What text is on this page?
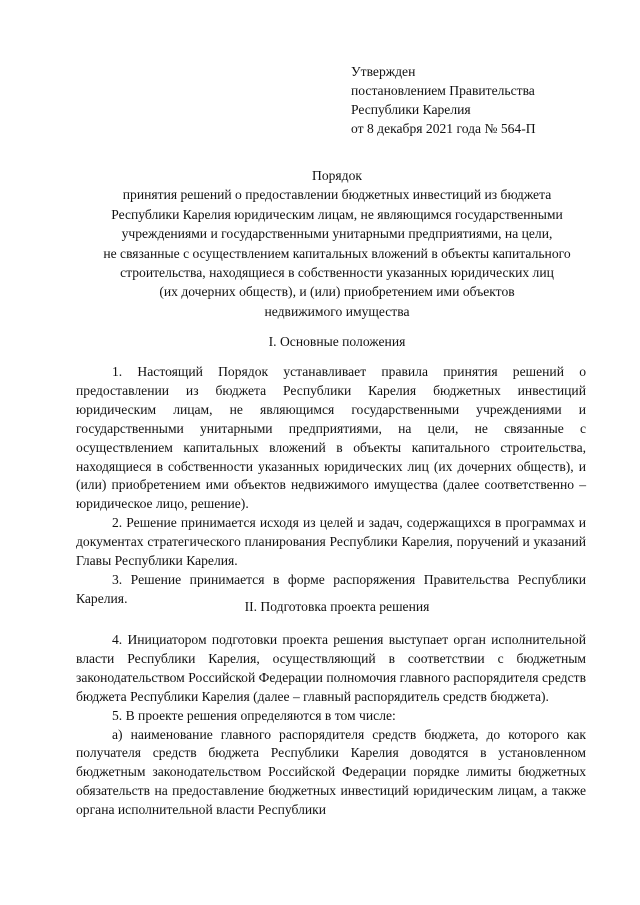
Утвержден
постановлением Правительства
Республики Карелия
от 8 декабря 2021 года № 564-П
Порядок
принятия решений о предоставлении бюджетных инвестиций из бюджета
Республики Карелия юридическим лицам, не являющимся государственными
учреждениями и государственными унитарными предприятиями, на цели,
не связанные с осуществлением капитальных вложений в объекты капитального
строительства, находящиеся в собственности указанных юридических лиц
(их дочерних обществ), и (или) приобретением ими объектов
недвижимого имущества
I. Основные положения

1. Настоящий Порядок устанавливает правила принятия решений о предоставлении из бюджета Республики Карелия бюджетных инвестиций юридическим лицам, не являющимся государственными учреждениями и государственными унитарными предприятиями, на цели, не связанные с осуществлением капитальных вложений в объекты капитального строительства, находящиеся в собственности указанных юридических лиц (их дочерних обществ), и (или) приобретением ими объектов недвижимого имущества (далее соответственно – юридическое лицо, решение).

2. Решение принимается исходя из целей и задач, содержащихся в программах и документах стратегического планирования Республики Карелия, поручений и указаний Главы Республики Карелия.

3. Решение принимается в форме распоряжения Правительства Республики Карелия.

II. Подготовка проекта решения

4. Инициатором подготовки проекта решения выступает орган исполнительной власти Республики Карелия, осуществляющий в соответствии с бюджетным законодательством Российской Федерации полномочия главного распорядителя средств бюджета Республики Карелия (далее – главный распорядитель средств бюджета).

5. В проекте решения определяются в том числе:

а) наименование главного распорядителя средств бюджета, до которого как получателя средств бюджета Республики Карелия доводятся в установленном бюджетным законодательством Российской Федерации порядке лимиты бюджетных обязательств на предоставление бюджетных инвестиций юридическим лицам, а также органа исполнительной власти Республики
